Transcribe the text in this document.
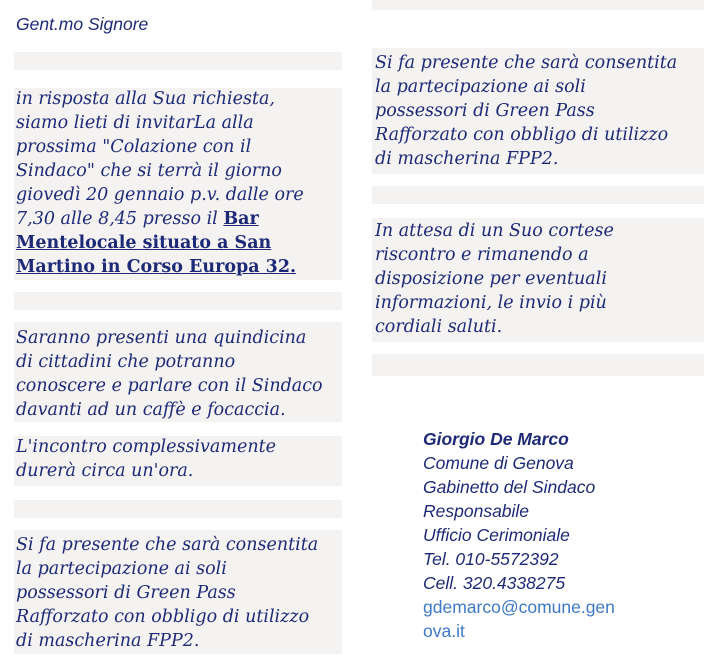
Gent.mo Signore

in risposta alla Sua richiesta,
siamo lieti di invitarLa alla
prossima "Colazione con il
Sindaco" che si terrà il giorno
giovedì 20 gennaio p.v. dalle ore
7,30 alle 8,45 presso il Bar
Mentelocale situato a San
Martino in Corso Europa 32.

Saranno presenti una quindicina
di cittadini che potranno
conoscere e parlare con il Sindaco
davanti ad un caffè e focaccia.

L'incontro complessivamente
durerà circa un'ora.

Si fa presente che sarà consentita
la partecipazione ai soli
possessori di Green Pass
Rafforzato con obbligo di utilizzo
di mascherina FPP2.

Si fa presente che sarà consentita
la partecipazione ai soli
possessori di Green Pass
Rafforzato con obbligo di utilizzo
di mascherina FPP2.

In attesa di un Suo cortese
riscontro e rimanendo a
disposizione per eventuali
informazioni, le invio i più
cordiali saluti.

Giorgio De Marco
Comune di Genova
Gabinetto del Sindaco
Responsabile
Ufficio Cerimoniale
Tel. 010-5572392
Cell. 320.4338275
gdemarco@comune.gen
ova.it
